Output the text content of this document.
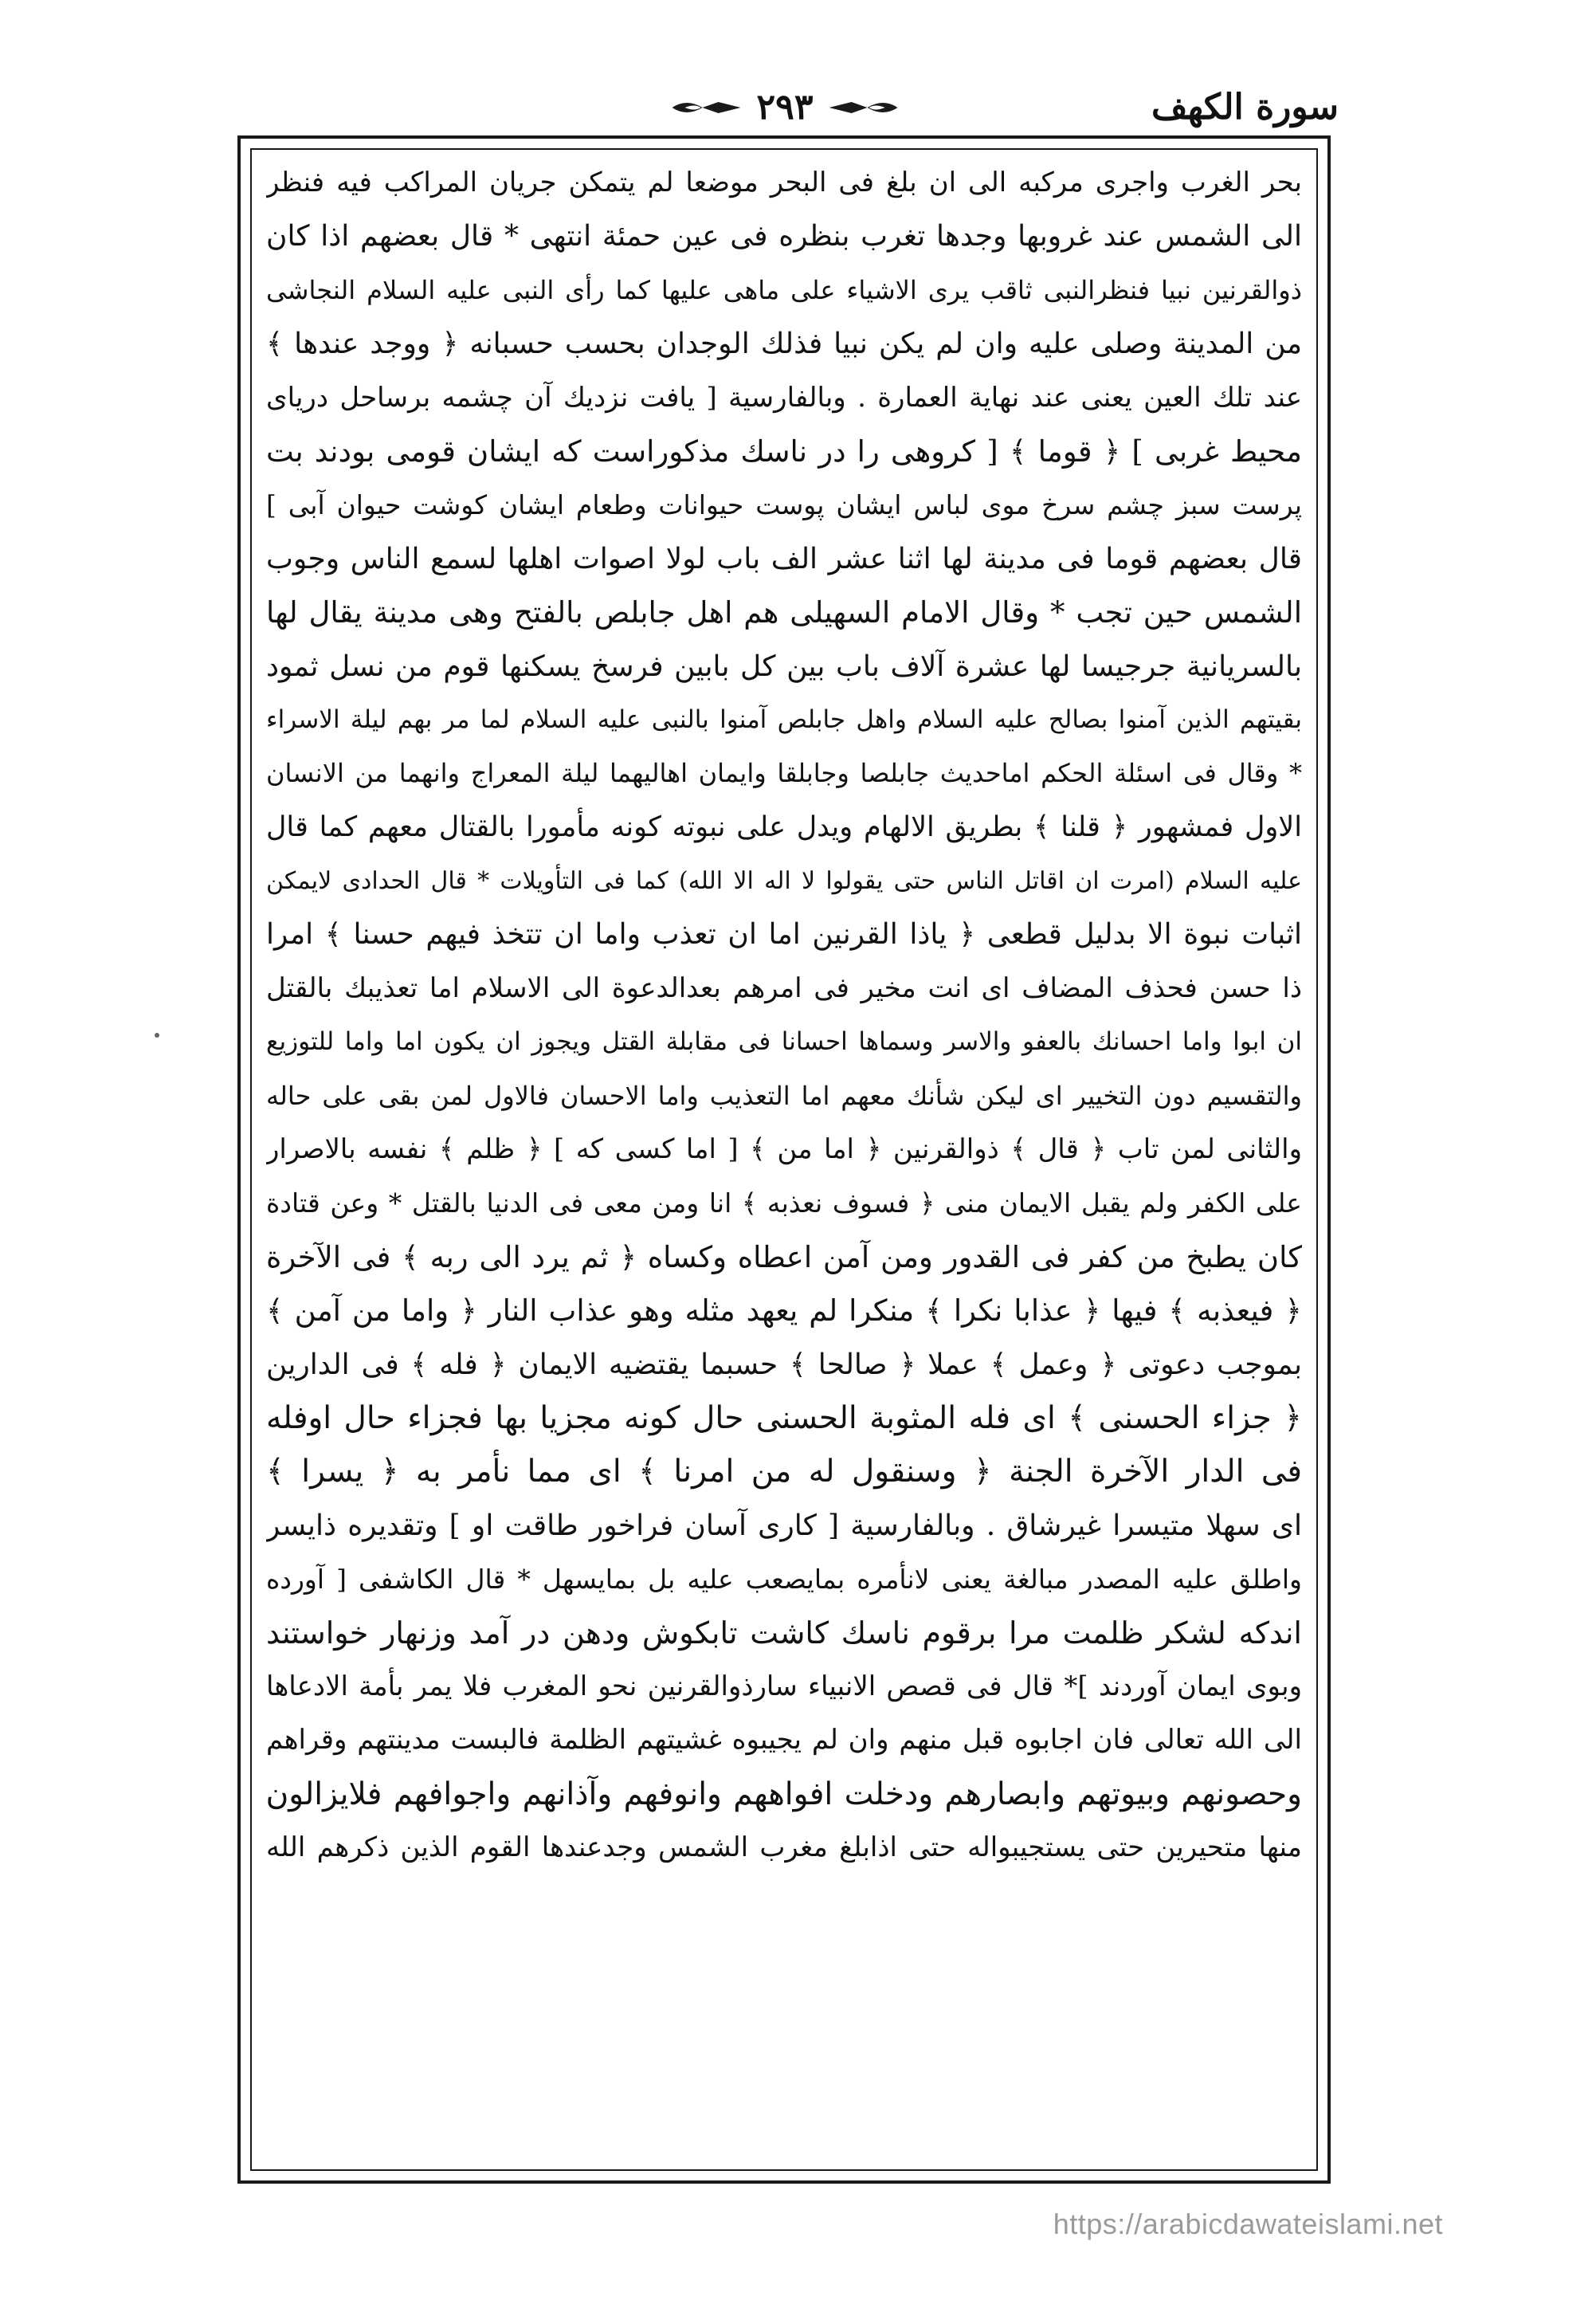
سورة الكهف
٢٩٣
بحر الغرب واجرى مركبه الى ان بلغ فى البحر موضعا لم يتمكن جريان المراكب فيه فنظر
الى الشمس عند غروبها وجدها تغرب بنظره فى عين حمئة انتهى * قال بعضهم اذا كان
ذوالقرنين نبيا فنظرالنبى ثاقب يرى الاشياء على ماهى عليها كما رأى النبى عليه السلام النجاشى
من المدينة وصلى عليه وان لم يكن نبيا فذلك الوجدان بحسب حسبانه ﴿ ووجد عندها ﴾
عند تلك العين يعنى عند نهاية العمارة . وبالفارسية [ يافت نزديك آن چشمه برساحل درياى
محيط غربى ] ﴿ قوما ﴾ [ كروهى را در ناسك مذكوراست كه ايشان قومى بودند بت
پرست سبز چشم سرخ موى لباس ايشان پوست حيوانات وطعام ايشان كوشت حيوان آبى ]
قال بعضهم قوما فى مدينة لها اثنا عشر الف باب لولا اصوات اهلها لسمع الناس وجوب
الشمس حين تجب * وقال الامام السهيلى هم اهل جابلص بالفتح وهى مدينة يقال لها
بالسريانية جرجيسا لها عشرة آلاف باب بين كل بابين فرسخ يسكنها قوم من نسل ثمود
بقيتهم الذين آمنوا بصالح عليه السلام واهل جابلص آمنوا بالنبى عليه السلام لما مر بهم ليلة الاسراء
* وقال فى اسئلة الحكم اماحديث جابلصا وجابلقا وايمان اهاليهما ليلة المعراج وانهما من الانسان
الاول فمشهور ﴿ قلنا ﴾ بطريق الالهام ويدل على نبوته كونه مأمورا بالقتال معهم كما قال
عليه السلام (امرت ان اقاتل الناس حتى يقولوا لا اله الا الله) كما فى التأويلات * قال الحدادى لايمكن
اثبات نبوة الا بدليل قطعى ﴿ ياذا القرنين اما ان تعذب واما ان تتخذ فيهم حسنا ﴾ امرا
ذا حسن فحذف المضاف اى انت مخير فى امرهم بعدالدعوة الى الاسلام اما تعذيبك بالقتل
ان ابوا واما احسانك بالعفو والاسر وسماها احسانا فى مقابلة القتل ويجوز ان يكون اما واما للتوزيع
والتقسيم دون التخيير اى ليكن شأنك معهم اما التعذيب واما الاحسان فالاول لمن بقى على حاله
والثانى لمن تاب ﴿ قال ﴾ ذوالقرنين ﴿ اما من ﴾ [ اما كسى كه ] ﴿ ظلم ﴾ نفسه بالاصرار
على الكفر ولم يقبل الايمان منى ﴿ فسوف نعذبه ﴾ انا ومن معى فى الدنيا بالقتل * وعن قتادة
كان يطبخ من كفر فى القدور ومن آمن اعطاه وكساه ﴿ ثم يرد الى ربه ﴾ فى الآخرة
﴿ فيعذبه ﴾ فيها ﴿ عذابا نكرا ﴾ منكرا لم يعهد مثله وهو عذاب النار ﴿ واما من آمن ﴾
بموجب دعوتى ﴿ وعمل ﴾ عملا ﴿ صالحا ﴾ حسبما يقتضيه الايمان ﴿ فله ﴾ فى الدارين
﴿ جزاء الحسنى ﴾ اى فله المثوبة الحسنى حال كونه مجزيا بها فجزاء حال اوفله
فى الدار الآخرة الجنة ﴿ وسنقول له من امرنا ﴾ اى مما نأمر به ﴿ يسرا ﴾
اى سهلا متيسرا غيرشاق . وبالفارسية [ كارى آسان فراخور طاقت او ] وتقديره ذايسر
واطلق عليه المصدر مبالغة يعنى لانأمره بمايصعب عليه بل بمايسهل * قال الكاشفى [ آورده
اندكه لشكر ظلمت مرا برقوم ناسك كاشت تابكوش ودهن در آمد وزنهار خواستند
وبوى ايمان آوردند ]* قال فى قصص الانبياء سارذوالقرنين نحو المغرب فلا يمر بأمة الادعاها
الى الله تعالى فان اجابوه قبل منهم وان لم يجيبوه غشيتهم الظلمة فالبست مدينتهم وقراهم
وحصونهم وبيوتهم وابصارهم ودخلت افواههم وانوفهم وآذانهم واجوافهم فلايزالون
منها متحيرين حتى يستجيبواله حتى اذابلغ مغرب الشمس وجدعندها القوم الذين ذكرهم الله
https://arabicdawateislami.net
